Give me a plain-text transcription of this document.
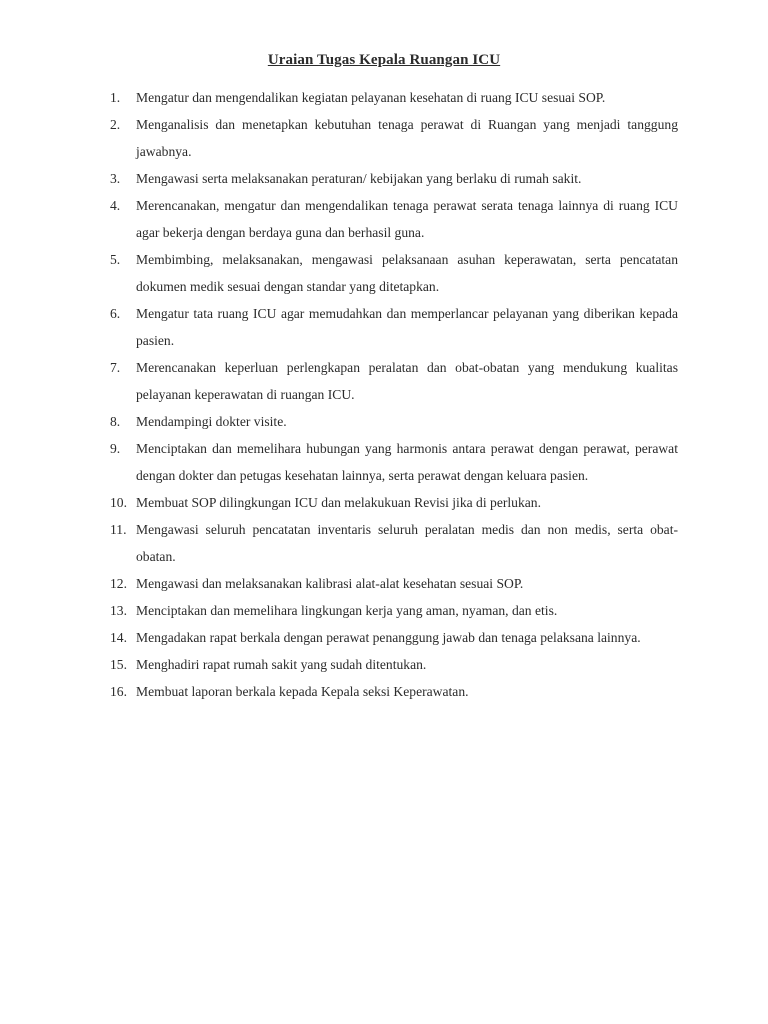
Uraian Tugas Kepala Ruangan ICU
1.	Mengatur dan mengendalikan kegiatan pelayanan kesehatan di ruang ICU sesuai SOP.
2.	Menganalisis dan menetapkan kebutuhan tenaga perawat di Ruangan yang menjadi tanggung jawabnya.
3.	Mengawasi serta melaksanakan peraturan/ kebijakan yang berlaku di rumah sakit.
4.	Merencanakan, mengatur dan mengendalikan tenaga perawat serata tenaga lainnya di ruang ICU agar bekerja dengan berdaya guna dan berhasil guna.
5.	Membimbing, melaksanakan, mengawasi pelaksanaan asuhan keperawatan, serta pencatatan dokumen medik sesuai dengan standar yang ditetapkan.
6.	Mengatur tata ruang ICU agar memudahkan dan memperlancar pelayanan yang diberikan kepada pasien.
7.	Merencanakan keperluan perlengkapan peralatan dan obat-obatan yang mendukung kualitas pelayanan keperawatan di ruangan ICU.
8.	Mendampingi dokter visite.
9.	Menciptakan dan memelihara hubungan yang harmonis antara perawat dengan perawat, perawat dengan dokter dan petugas kesehatan lainnya, serta perawat dengan keluara pasien.
10. Membuat SOP dilingkungan ICU dan melakukuan Revisi jika di perlukan.
11. Mengawasi seluruh pencatatan inventaris seluruh peralatan medis dan non medis, serta obat-obatan.
12. Mengawasi dan melaksanakan kalibrasi alat-alat kesehatan sesuai SOP.
13. Menciptakan dan memelihara lingkungan kerja yang aman, nyaman, dan etis.
14. Mengadakan rapat berkala dengan perawat penanggung jawab dan tenaga pelaksana lainnya.
15. Menghadiri rapat rumah sakit yang sudah ditentukan.
16. Membuat laporan berkala kepada Kepala seksi Keperawatan.
